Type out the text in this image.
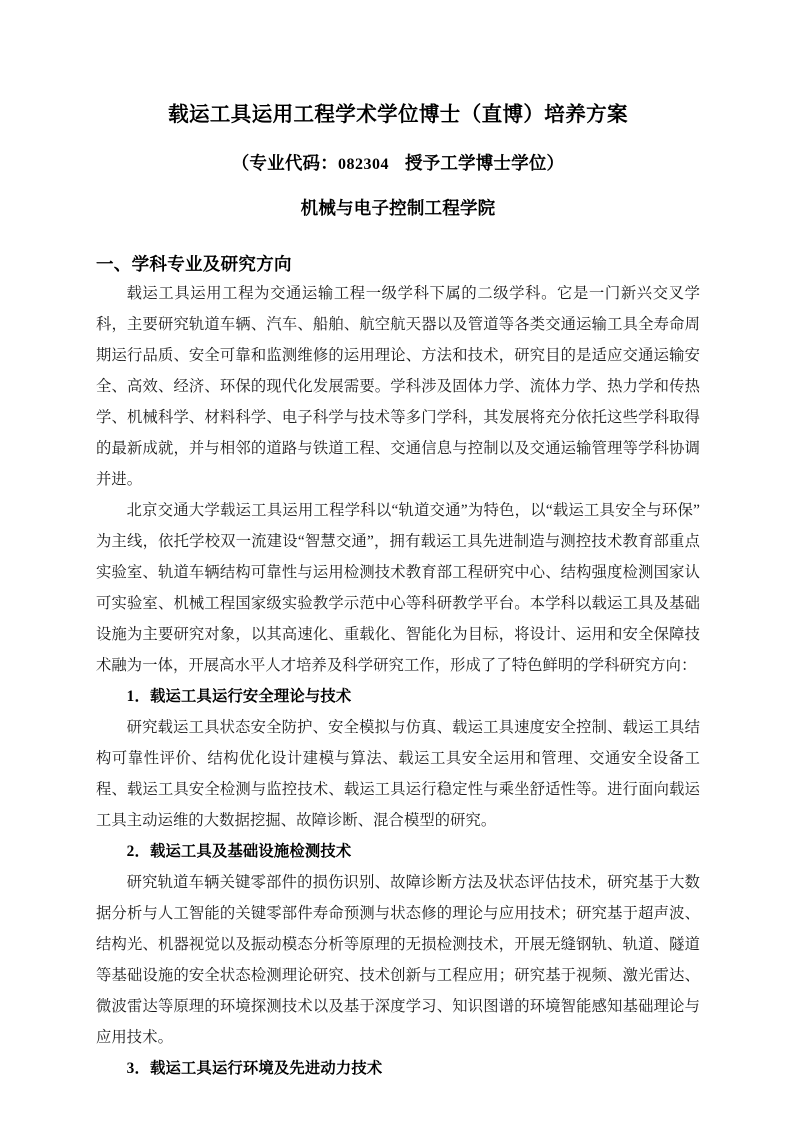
载运工具运用工程学术学位博士（直博）培养方案
（专业代码：082304 授予工学博士学位）
机械与电子控制工程学院
一、学科专业及研究方向

载运工具运用工程为交通运输工程一级学科下属的二级学科。它是一门新兴交叉学科，主要研究轨道车辆、汽车、船舶、航空航天器以及管道等各类交通运输工具全寿命周期运行品质、安全可靠和监测维修的运用理论、方法和技术，研究目的是适应交通运输安全、高效、经济、环保的现代化发展需要。学科涉及固体力学、流体力学、热力学和传热学、机械科学、材料科学、电子科学与技术等多门学科，其发展将充分依托这些学科取得的最新成就，并与相邻的道路与铁道工程、交通信息与控制以及交通运输管理等学科协调并进。

北京交通大学载运工具运用工程学科以“轨道交通”为特色，以“载运工具安全与环保”为主线，依托学校双一流建设“智慧交通”，拥有载运工具先进制造与测控技术教育部重点实验室、轨道车辆结构可靠性与运用检测技术教育部工程研究中心、结构强度检测国家认可实验室、机械工程国家级实验教学示范中心等科研教学平台。本学科以载运工具及基础设施为主要研究对象，以其高速化、重载化、智能化为目标，将设计、运用和安全保障技术融为一体，开展高水平人才培养及科学研究工作，形成了了特色鲜明的学科研究方向：

1．载运工具运行安全理论与技术

研究载运工具状态安全防护、安全模拟与仿真、载运工具速度安全控制、载运工具结构可靠性评价、结构优化设计建模与算法、载运工具安全运用和管理、交通安全设备工程、载运工具安全检测与监控技术、载运工具运行稳定性与乘坐舒适性等。进行面向载运工具主动运维的大数据挖掘、故障诊断、混合模型的研究。

2．载运工具及基础设施检测技术

研究轨道车辆关键零部件的损伤识别、故障诊断方法及状态评估技术，研究基于大数据分析与人工智能的关键零部件寿命预测与状态修的理论与应用技术；研究基于超声波、结构光、机器视觉以及振动模态分析等原理的无损检测技术，开展无缝钢轨、轨道、隧道等基础设施的安全状态检测理论研究、技术创新与工程应用；研究基于视频、激光雷达、微波雷达等原理的环境探测技术以及基于深度学习、知识图谱的环境智能感知基础理论与应用技术。

3．载运工具运行环境及先进动力技术
